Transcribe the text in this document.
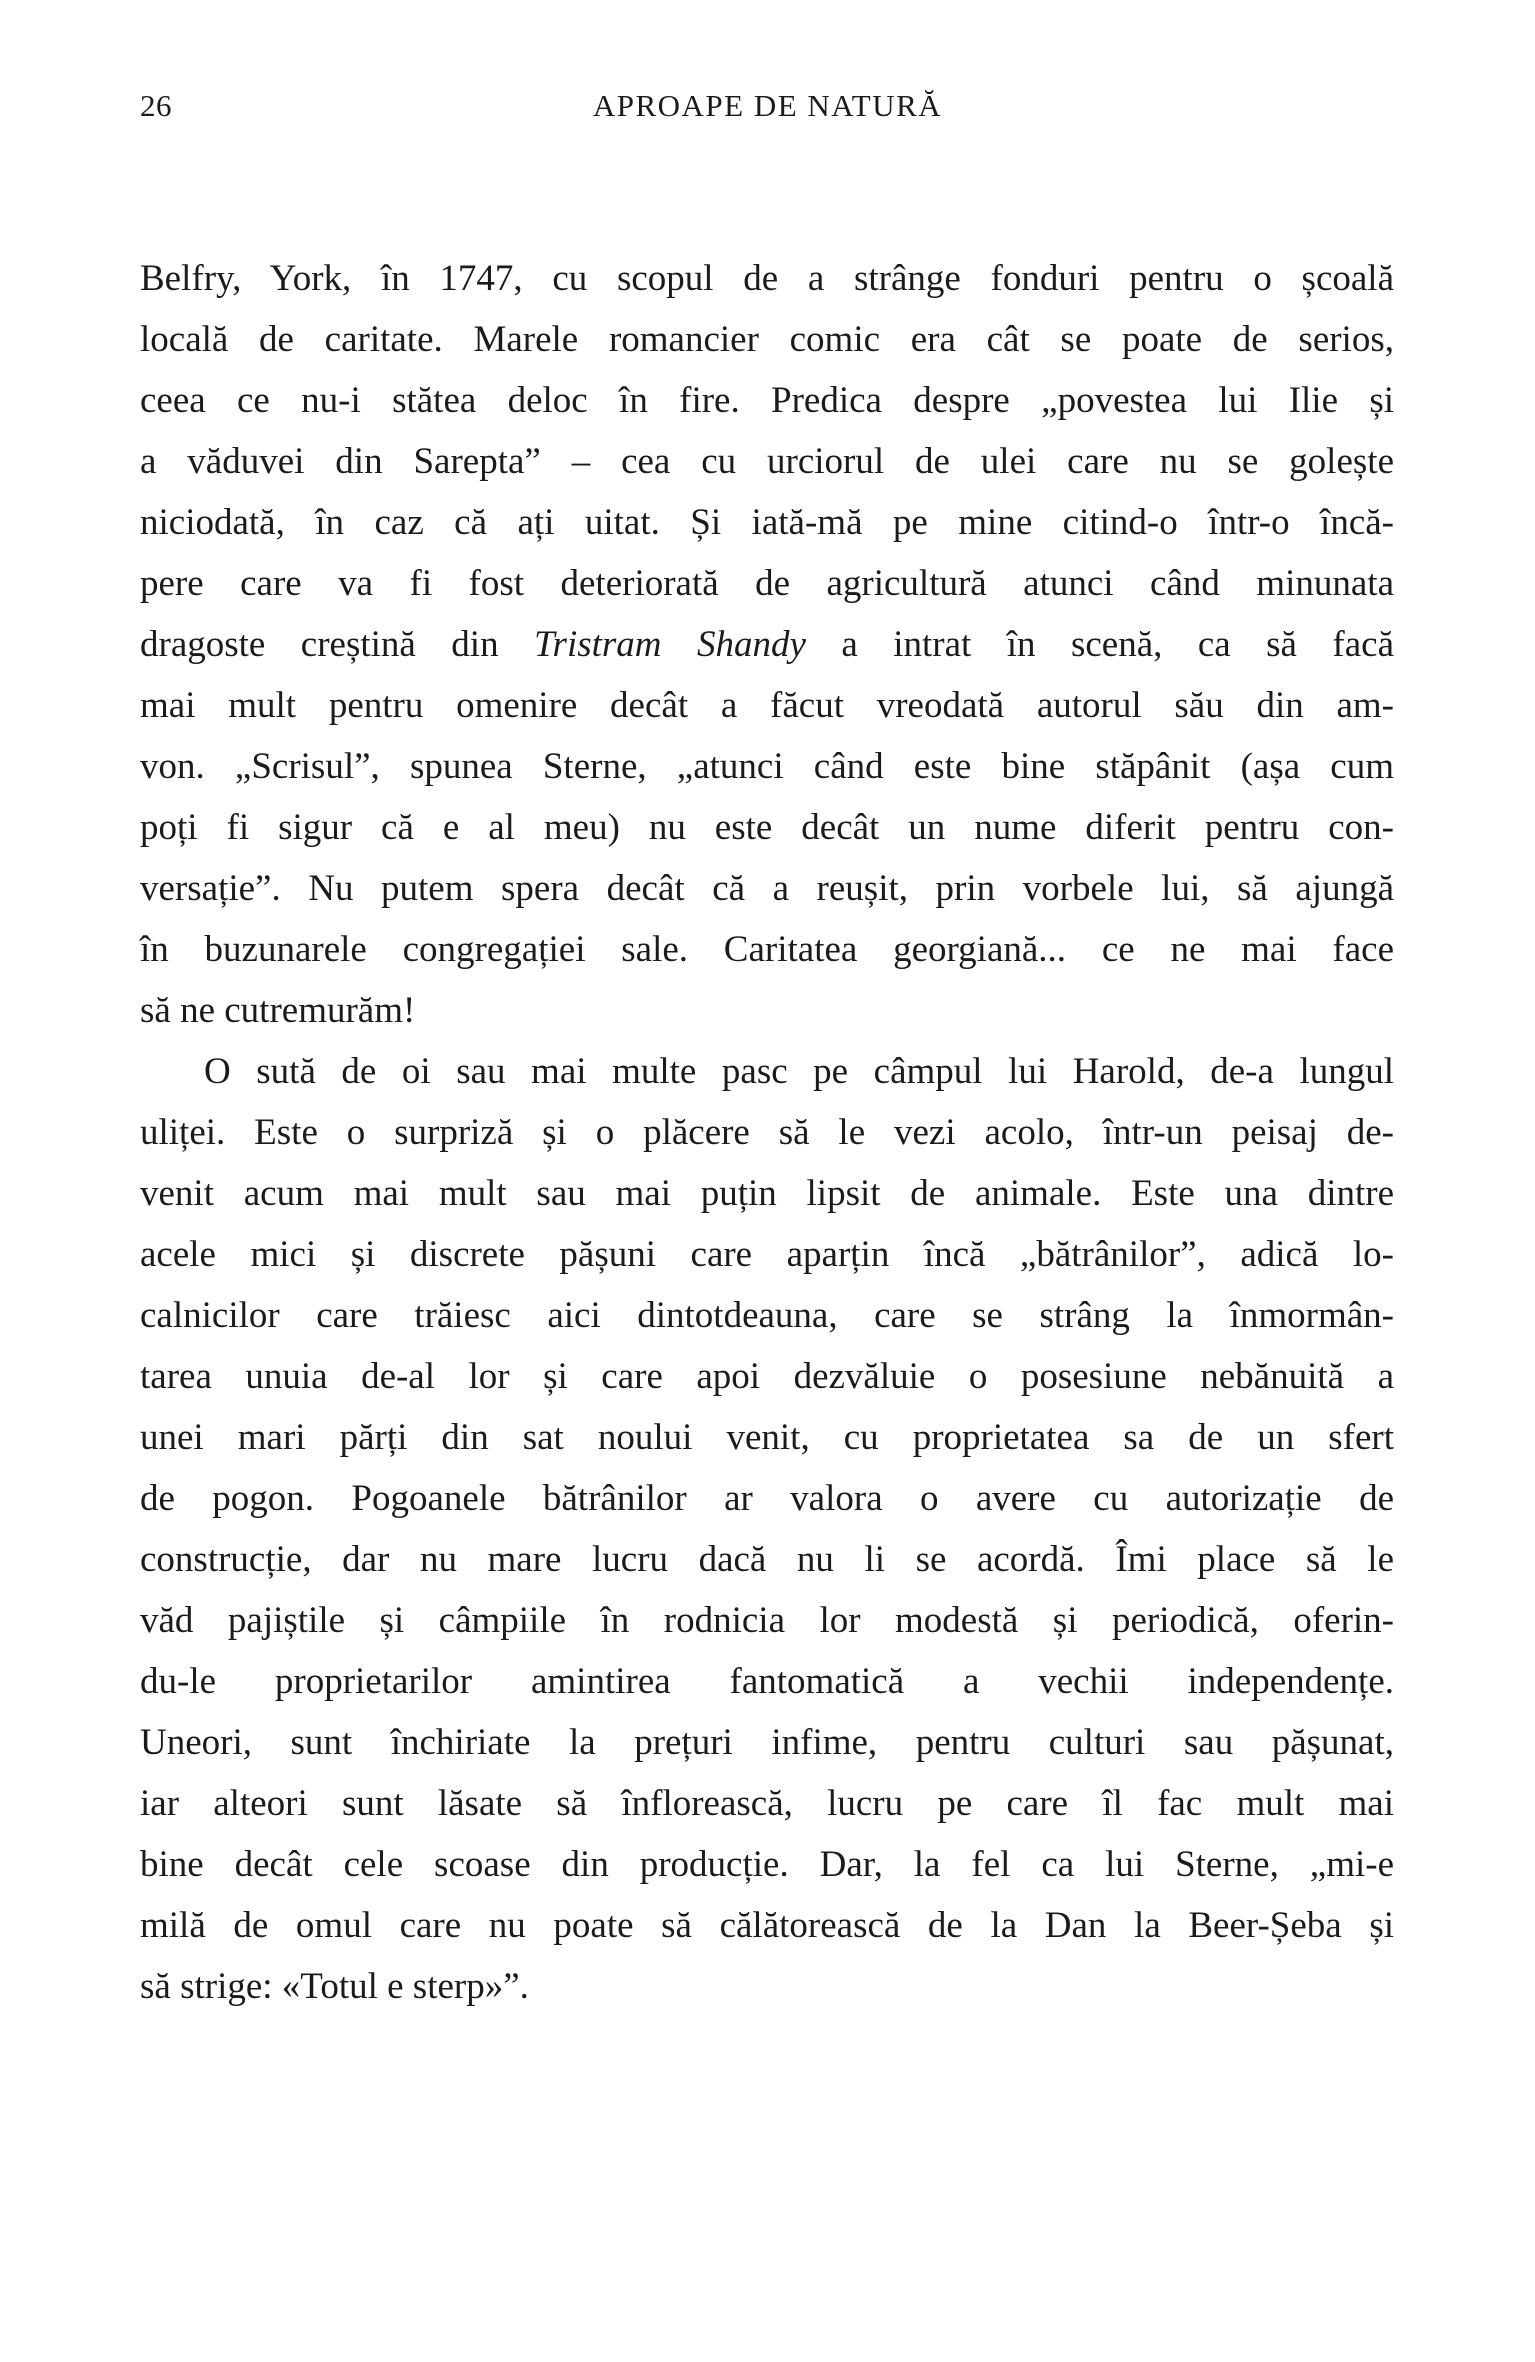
26	APROAPE DE NATURĂ
Belfry, York, în 1747, cu scopul de a strânge fonduri pentru o școală
locală de caritate. Marele romancier comic era cât se poate de serios,
ceea ce nu-i stătea deloc în fire. Predica despre „povestea lui Ilie și
a văduvei din Sarepta” – cea cu urciorul de ulei care nu se golește
niciodată, în caz că ați uitat. Și iată-mă pe mine citind-o într-o încă-
pere care va fi fost deteriorată de agricultură atunci când minunata
dragoste creștină din Tristram Shandy a intrat în scenă, ca să facă
mai mult pentru omenire decât a făcut vreodată autorul său din am-
von. „Scrisul”, spunea Sterne, „atunci când este bine stăpânit (așa cum
poți fi sigur că e al meu) nu este decât un nume diferit pentru con-
versație”. Nu putem spera decât că a reușit, prin vorbele lui, să ajungă
în buzunarele congregației sale. Caritatea georgiană... ce ne mai face
să ne cutremurăm!
O sută de oi sau mai multe pasc pe câmpul lui Harold, de-a lungul
uliței. Este o surpriză și o plăcere să le vezi acolo, într-un peisaj de-
venit acum mai mult sau mai puțin lipsit de animale. Este una dintre
acele mici și discrete pășuni care aparțin încă „bătrânilor”, adică lo-
calnicilor care trăiesc aici dintotdeauna, care se strâng la înmormân-
tarea unuia de-al lor și care apoi dezvăluie o posesiune nebănuită a
unei mari părți din sat noului venit, cu proprietatea sa de un sfert
de pogon. Pogoanele bătrânilor ar valora o avere cu autorizație de
construcție, dar nu mare lucru dacă nu li se acordă. Îmi place să le
văd pajiștile și câmpiile în rodnicia lor modestă și periodică, oferin-
du-le proprietarilor amintirea fantomatică a vechii independențe.
Uneori, sunt închiriate la prețuri infime, pentru culturi sau pășunat,
iar alteori sunt lăsate să înflorească, lucru pe care îl fac mult mai
bine decât cele scoase din producție. Dar, la fel ca lui Sterne, „mi-e
milă de omul care nu poate să călătorească de la Dan la Beer-Șeba și
să strige: «Totul e sterp»”.
